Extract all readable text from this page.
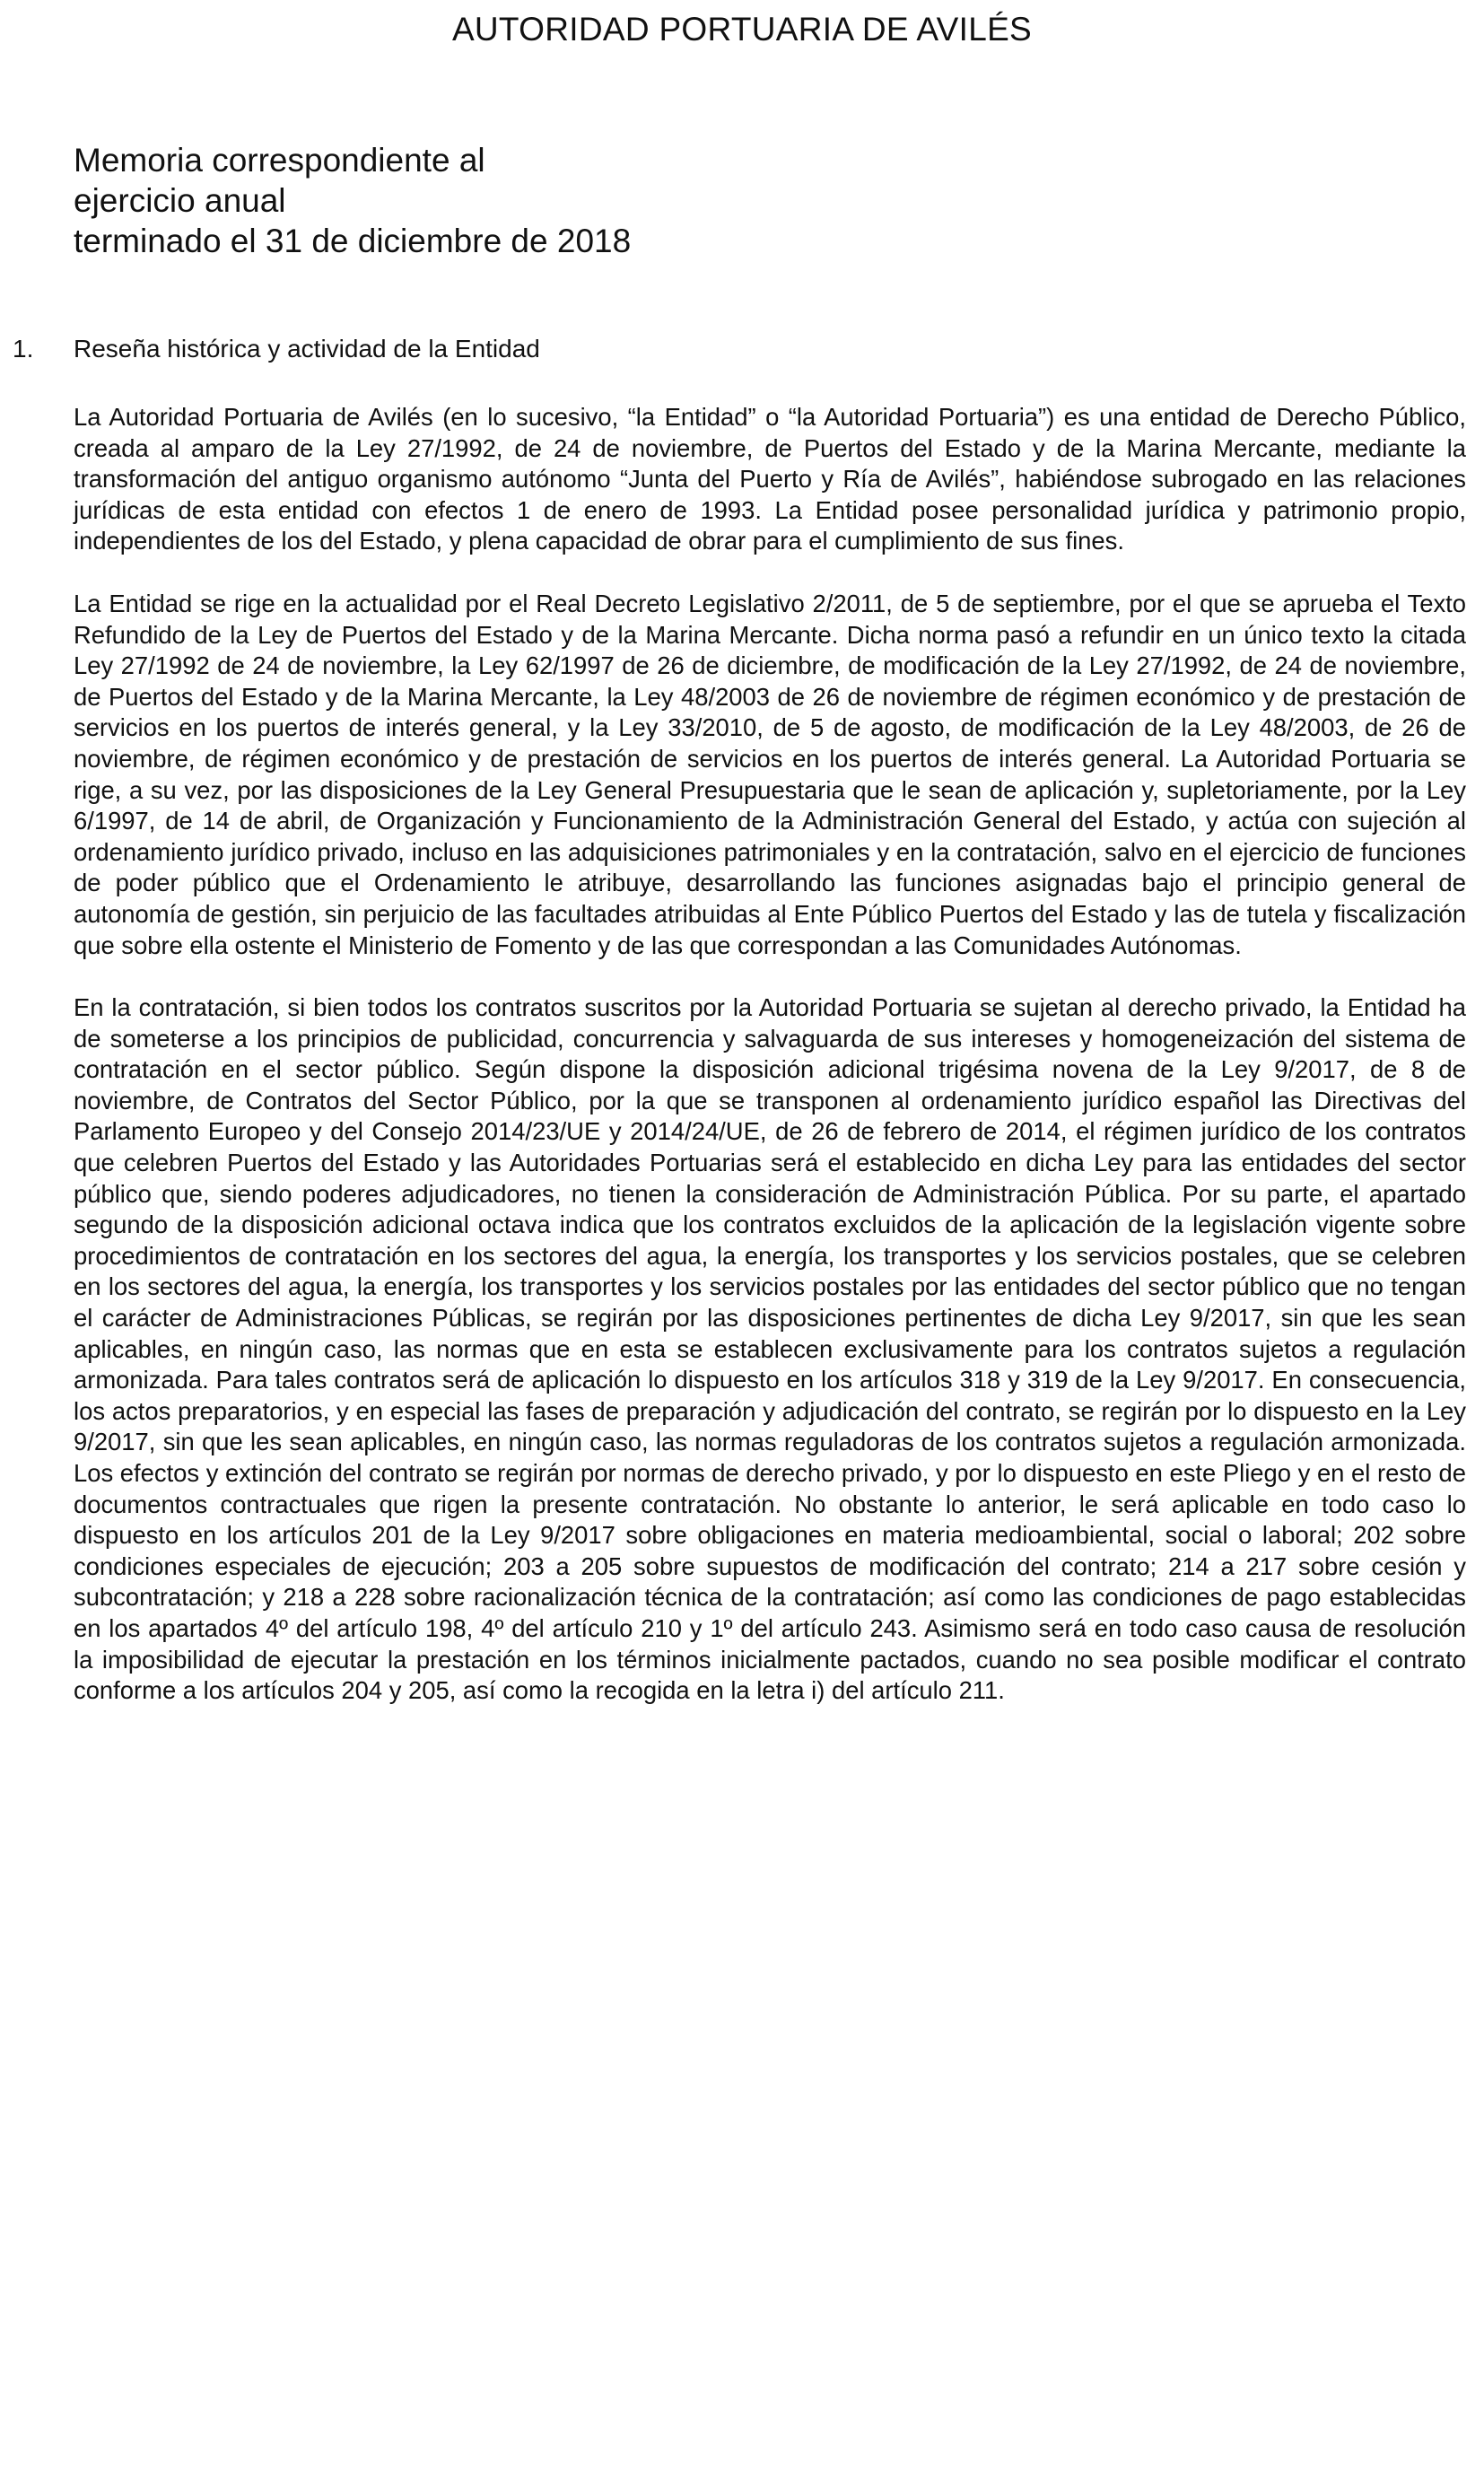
AUTORIDAD PORTUARIA DE AVILÉS
Memoria correspondiente al
ejercicio anual
terminado el 31 de diciembre de 2018
1. Reseña histórica y actividad de la Entidad

La Autoridad Portuaria de Avilés (en lo sucesivo, “la Entidad” o “la Autoridad Portuaria”) es una entidad de Derecho Público, creada al amparo de la Ley 27/1992, de 24 de noviembre, de Puertos del Estado y de la Marina Mercante, mediante la transformación del antiguo organismo autónomo “Junta del Puerto y Ría de Avilés”, habiéndose subrogado en las relaciones jurídicas de esta entidad con efectos 1 de enero de 1993. La Entidad posee personalidad jurídica y patrimonio propio, independientes de los del Estado, y plena capacidad de obrar para el cumplimiento de sus fines.

La Entidad se rige en la actualidad por el Real Decreto Legislativo 2/2011, de 5 de septiembre, por el que se aprueba el Texto Refundido de la Ley de Puertos del Estado y de la Marina Mercante. Dicha norma pasó a refundir en un único texto la citada Ley 27/1992 de 24 de noviembre, la Ley 62/1997 de 26 de diciembre, de modificación de la Ley 27/1992, de 24 de noviembre, de Puertos del Estado y de la Marina Mercante, la Ley 48/2003 de 26 de noviembre de régimen económico y de prestación de servicios en los puertos de interés general, y la Ley 33/2010, de 5 de agosto, de modificación de la Ley 48/2003, de 26 de noviembre, de régimen económico y de prestación de servicios en los puertos de interés general. La Autoridad Portuaria se rige, a su vez, por las disposiciones de la Ley General Presupuestaria que le sean de aplicación y, supletoriamente, por la Ley 6/1997, de 14 de abril, de Organización y Funcionamiento de la Administración General del Estado, y actúa con sujeción al ordenamiento jurídico privado, incluso en las adquisiciones patrimoniales y en la contratación, salvo en el ejercicio de funciones de poder público que el Ordenamiento le atribuye, desarrollando las funciones asignadas bajo el principio general de autonomía de gestión, sin perjuicio de las facultades atribuidas al Ente Público Puertos del Estado y las de tutela y fiscalización que sobre ella ostente el Ministerio de Fomento y de las que correspondan a las Comunidades Autónomas.

En la contratación, si bien todos los contratos suscritos por la Autoridad Portuaria se sujetan al derecho privado, la Entidad ha de someterse a los principios de publicidad, concurrencia y salvaguarda de sus intereses y homogeneización del sistema de contratación en el sector público. Según dispone la disposición adicional trigésima novena de la Ley 9/2017, de 8 de noviembre, de Contratos del Sector Público, por la que se transponen al ordenamiento jurídico español las Directivas del Parlamento Europeo y del Consejo 2014/23/UE y 2014/24/UE, de 26 de febrero de 2014, el régimen jurídico de los contratos que celebren Puertos del Estado y las Autoridades Portuarias será el establecido en dicha Ley para las entidades del sector público que, siendo poderes adjudicadores, no tienen la consideración de Administración Pública. Por su parte, el apartado segundo de la disposición adicional octava indica que los contratos excluidos de la aplicación de la legislación vigente sobre procedimientos de contratación en los sectores del agua, la energía, los transportes y los servicios postales, que se celebren en los sectores del agua, la energía, los transportes y los servicios postales por las entidades del sector público que no tengan el carácter de Administraciones Públicas, se regirán por las disposiciones pertinentes de dicha Ley 9/2017, sin que les sean aplicables, en ningún caso, las normas que en esta se establecen exclusivamente para los contratos sujetos a regulación armonizada. Para tales contratos será de aplicación lo dispuesto en los artículos 318 y 319 de la Ley 9/2017. En consecuencia, los actos preparatorios, y en especial las fases de preparación y adjudicación del contrato, se regirán por lo dispuesto en la Ley 9/2017, sin que les sean aplicables, en ningún caso, las normas reguladoras de los contratos sujetos a regulación armonizada. Los efectos y extinción del contrato se regirán por normas de derecho privado, y por lo dispuesto en este Pliego y en el resto de documentos contractuales que rigen la presente contratación. No obstante lo anterior, le será aplicable en todo caso lo dispuesto en los artículos 201 de la Ley 9/2017 sobre obligaciones en materia medioambiental, social o laboral; 202 sobre condiciones especiales de ejecución; 203 a 205 sobre supuestos de modificación del contrato; 214 a 217 sobre cesión y subcontratación; y 218 a 228 sobre racionalización técnica de la contratación; así como las condiciones de pago establecidas en los apartados 4º del artículo 198, 4º del artículo 210 y 1º del artículo 243. Asimismo será en todo caso causa de resolución la imposibilidad de ejecutar la prestación en los términos inicialmente pactados, cuando no sea posible modificar el contrato conforme a los artículos 204 y 205, así como la recogida en la letra i) del artículo 211.
